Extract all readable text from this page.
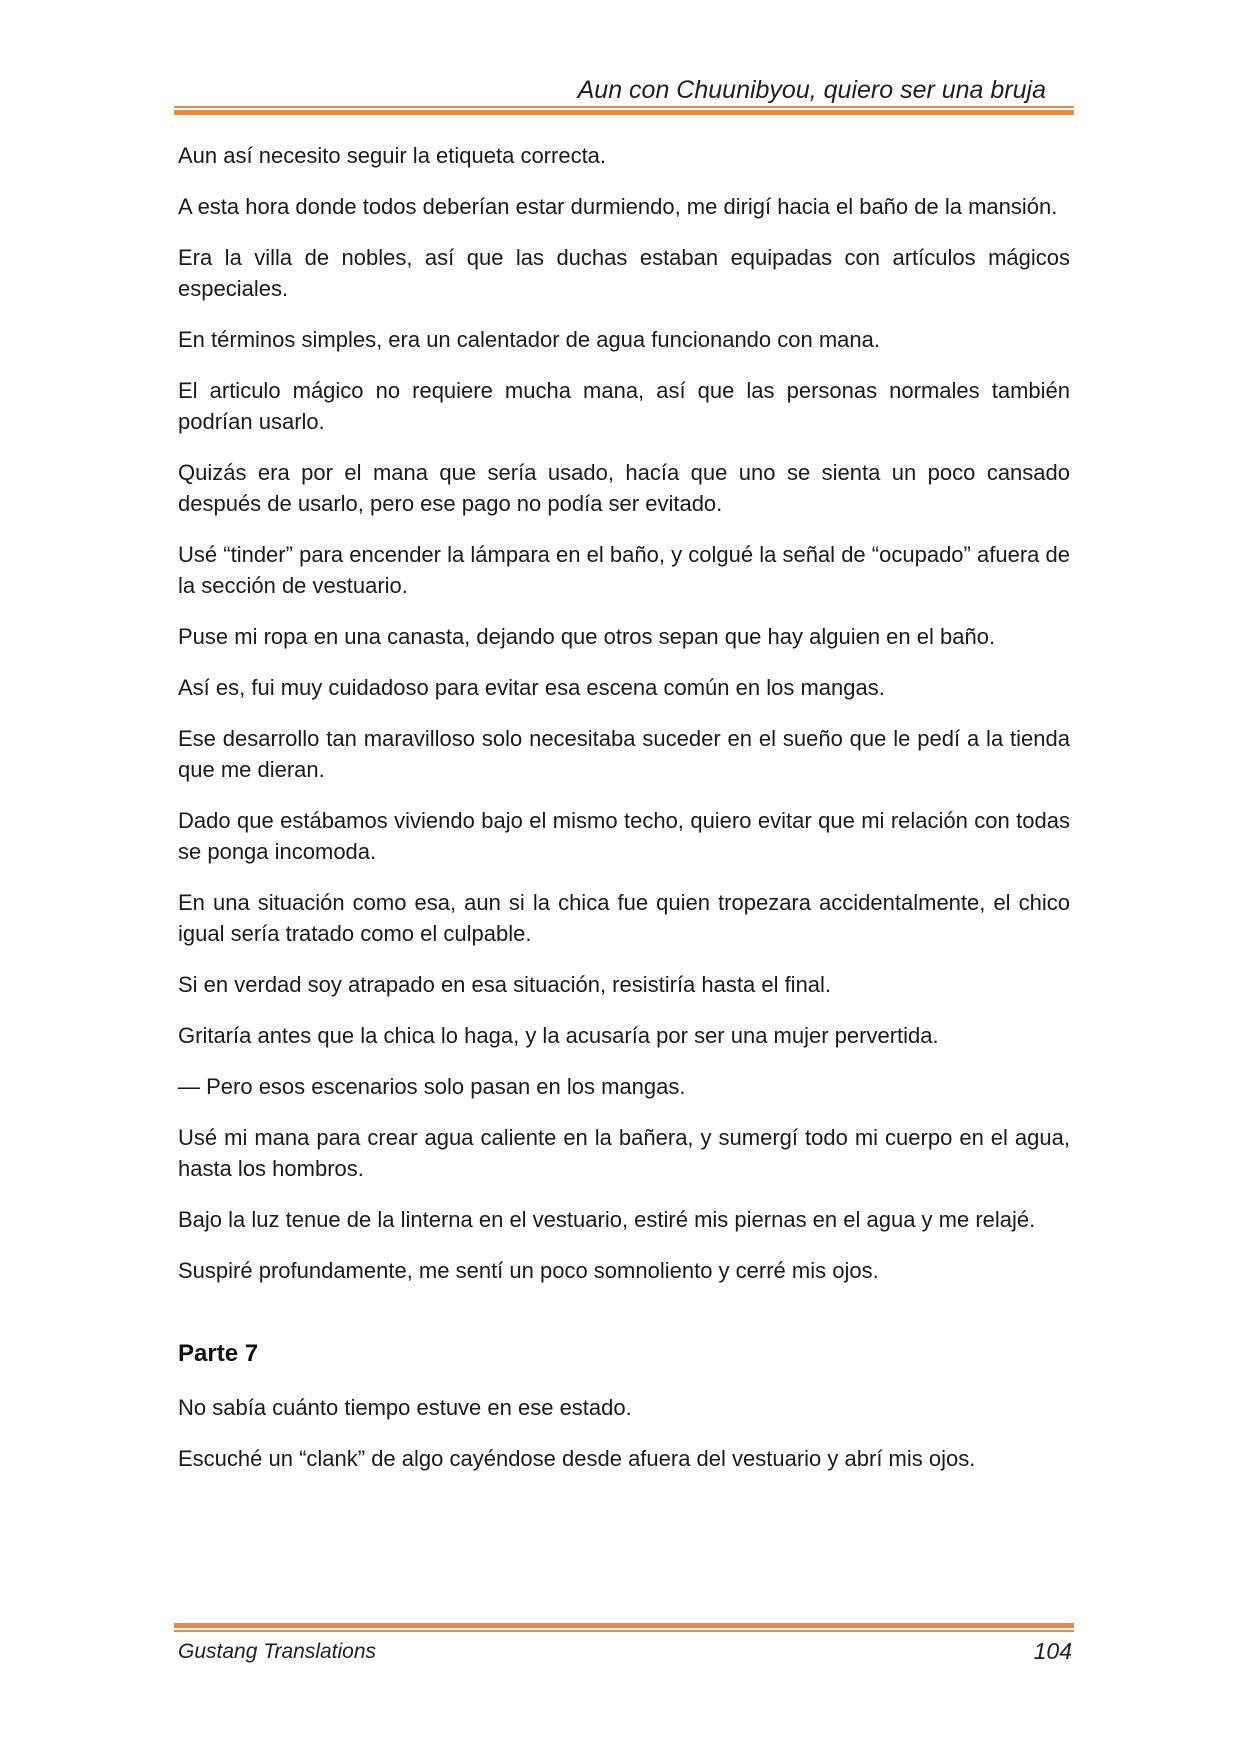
Aun con Chuunibyou, quiero ser una bruja

Aun así necesito seguir la etiqueta correcta.

A esta hora donde todos deberían estar durmiendo, me dirigí hacia el baño de la mansión.

Era la villa de nobles, así que las duchas estaban equipadas con artículos mágicos especiales.

En términos simples, era un calentador de agua funcionando con mana.

El articulo mágico no requiere mucha mana, así que las personas normales también podrían usarlo.

Quizás era por el mana que sería usado, hacía que uno se sienta un poco cansado después de usarlo, pero ese pago no podía ser evitado.

Usé “tinder” para encender la lámpara en el baño, y colgué la señal de “ocupado” afuera de la sección de vestuario.

Puse mi ropa en una canasta, dejando que otros sepan que hay alguien en el baño.

Así es, fui muy cuidadoso para evitar esa escena común en los mangas.

Ese desarrollo tan maravilloso solo necesitaba suceder en el sueño que le pedí a la tienda que me dieran.

Dado que estábamos viviendo bajo el mismo techo, quiero evitar que mi relación con todas se ponga incomoda.

En una situación como esa, aun si la chica fue quien tropezara accidentalmente, el chico igual sería tratado como el culpable.

Si en verdad soy atrapado en esa situación, resistiría hasta el final.

Gritaría antes que la chica lo haga, y la acusaría por ser una mujer pervertida.

— Pero esos escenarios solo pasan en los mangas.

Usé mi mana para crear agua caliente en la bañera, y sumergí todo mi cuerpo en el agua, hasta los hombros.

Bajo la luz tenue de la linterna en el vestuario, estiré mis piernas en el agua y me relajé.

Suspiré profundamente, me sentí un poco somnoliento y cerré mis ojos.

Parte 7

No sabía cuánto tiempo estuve en ese estado.

Escuché un “clank” de algo cayéndose desde afuera del vestuario y abrí mis ojos.

Gustang Translations	104
